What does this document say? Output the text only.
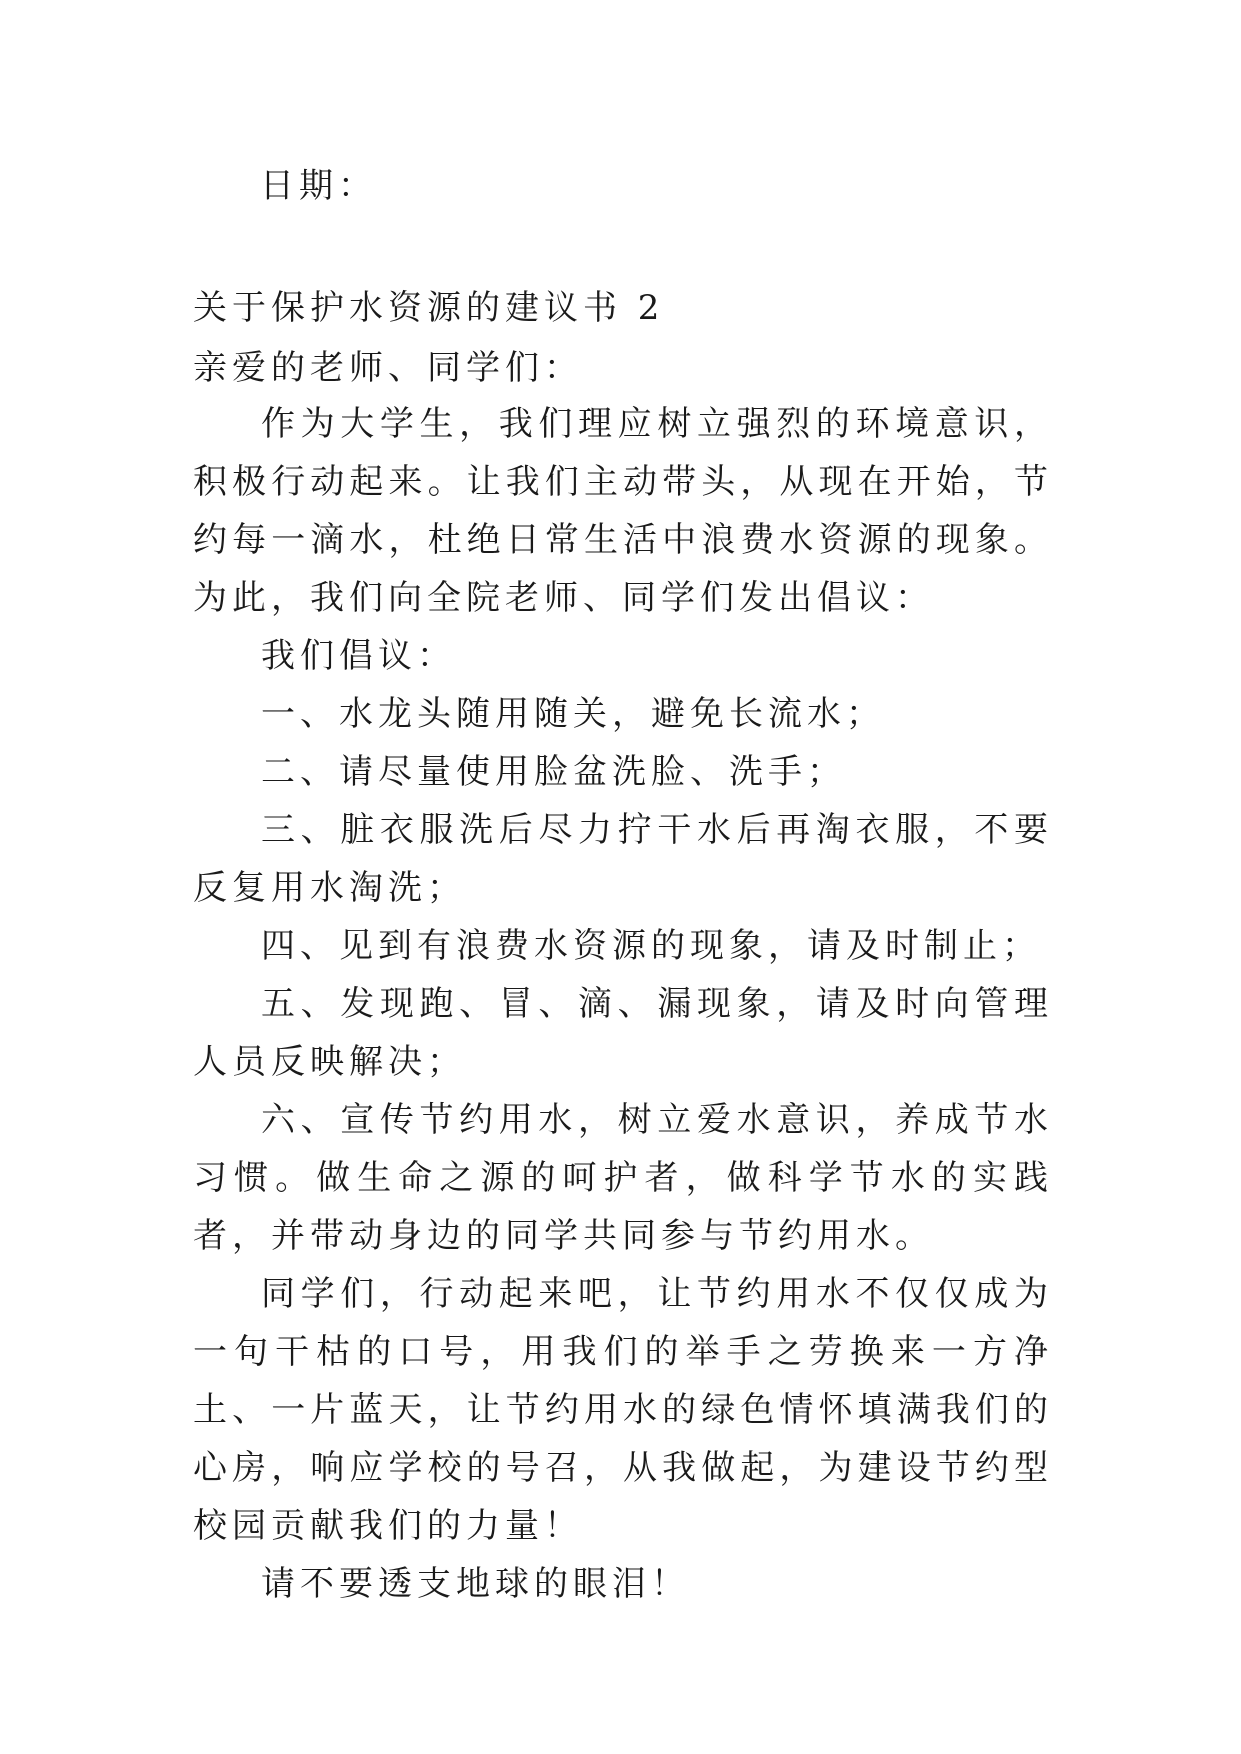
日期：
关于保护水资源的建议书 2
亲爱的老师、同学们：

作为大学生，我们理应树立强烈的环境意识，积极行动起来。让我们主动带头，从现在开始，节约每一滴水，杜绝日常生活中浪费水资源的现象。为此，我们向全院老师、同学们发出倡议：

我们倡议：

一、水龙头随用随关，避免长流水；

二、请尽量使用脸盆洗脸、洗手；

三、脏衣服洗后尽力拧干水后再淘衣服，不要反复用水淘洗；

四、见到有浪费水资源的现象，请及时制止；

五、发现跑、冒、滴、漏现象，请及时向管理人员反映解决；

六、宣传节约用水，树立爱水意识，养成节水习惯。做生命之源的呵护者，做科学节水的实践者，并带动身边的同学共同参与节约用水。

同学们，行动起来吧，让节约用水不仅仅成为一句干枯的口号，用我们的举手之劳换来一方净土、一片蓝天，让节约用水的绿色情怀填满我们的心房，响应学校的号召，从我做起，为建设节约型校园贡献我们的力量！

请不要透支地球的眼泪！
